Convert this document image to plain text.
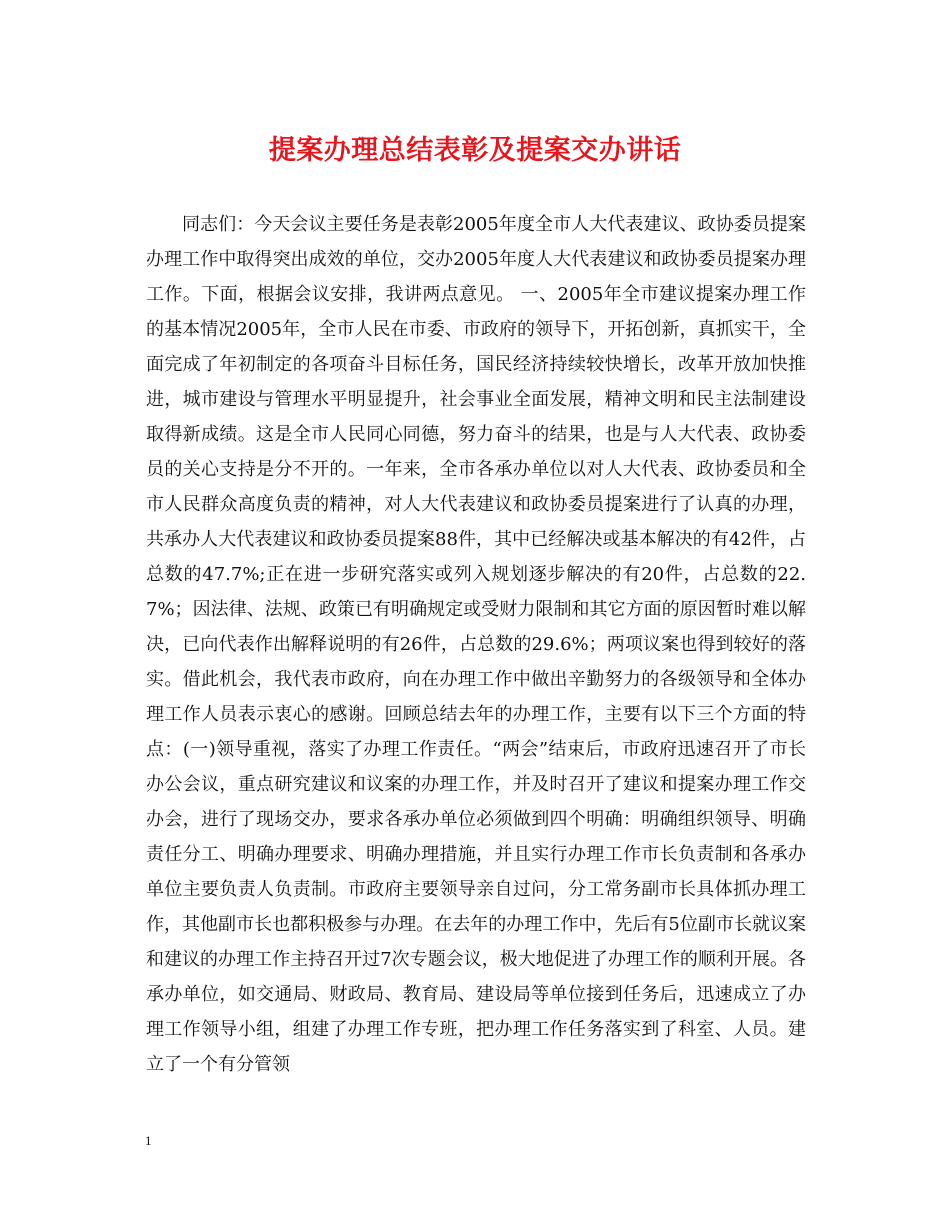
提案办理总结表彰及提案交办讲话

同志们：今天会议主要任务是表彰2005年度全市人大代表建议、政协委员提案办理工作中取得突出成效的单位，交办2005年度人大代表建议和政协委员提案办理工作。下面，根据会议安排，我讲两点意见。 一、2005年全市建议提案办理工作的基本情况2005年，全市人民在市委、市政府的领导下，开拓创新，真抓实干，全面完成了年初制定的各项奋斗目标任务，国民经济持续较快增长，改革开放加快推进，城市建设与管理水平明显提升，社会事业全面发展，精神文明和民主法制建设取得新成绩。这是全市人民同心同德，努力奋斗的结果，也是与人大代表、政协委员的关心支持是分不开的。一年来，全市各承办单位以对人大代表、政协委员和全市人民群众高度负责的精神，对人大代表建议和政协委员提案进行了认真的办理，共承办人大代表建议和政协委员提案88件，其中已经解决或基本解决的有42件，占总数的47.7%;正在进一步研究落实或列入规划逐步解决的有20件，占总数的22.7%；因法律、法规、政策已有明确规定或受财力限制和其它方面的原因暂时难以解决，已向代表作出解释说明的有26件，占总数的29.6%；两项议案也得到较好的落实。借此机会，我代表市政府，向在办理工作中做出辛勤努力的各级领导和全体办理工作人员表示衷心的感谢。回顾总结去年的办理工作，主要有以下三个方面的特点：(一)领导重视，落实了办理工作责任。“两会”结束后，市政府迅速召开了市长办公会议，重点研究建议和议案的办理工作，并及时召开了建议和提案办理工作交办会，进行了现场交办，要求各承办单位必须做到四个明确：明确组织领导、明确责任分工、明确办理要求、明确办理措施，并且实行办理工作市长负责制和各承办单位主要负责人负责制。市政府主要领导亲自过问，分工常务副市长具体抓办理工作，其他副市长也都积极参与办理。在去年的办理工作中，先后有5位副市长就议案和建议的办理工作主持召开过7次专题会议，极大地促进了办理工作的顺利开展。各承办单位，如交通局、财政局、教育局、建设局等单位接到任务后，迅速成立了办理工作领导小组，组建了办理工作专班，把办理工作任务落实到了科室、人员。建立了一个有分管领

1
